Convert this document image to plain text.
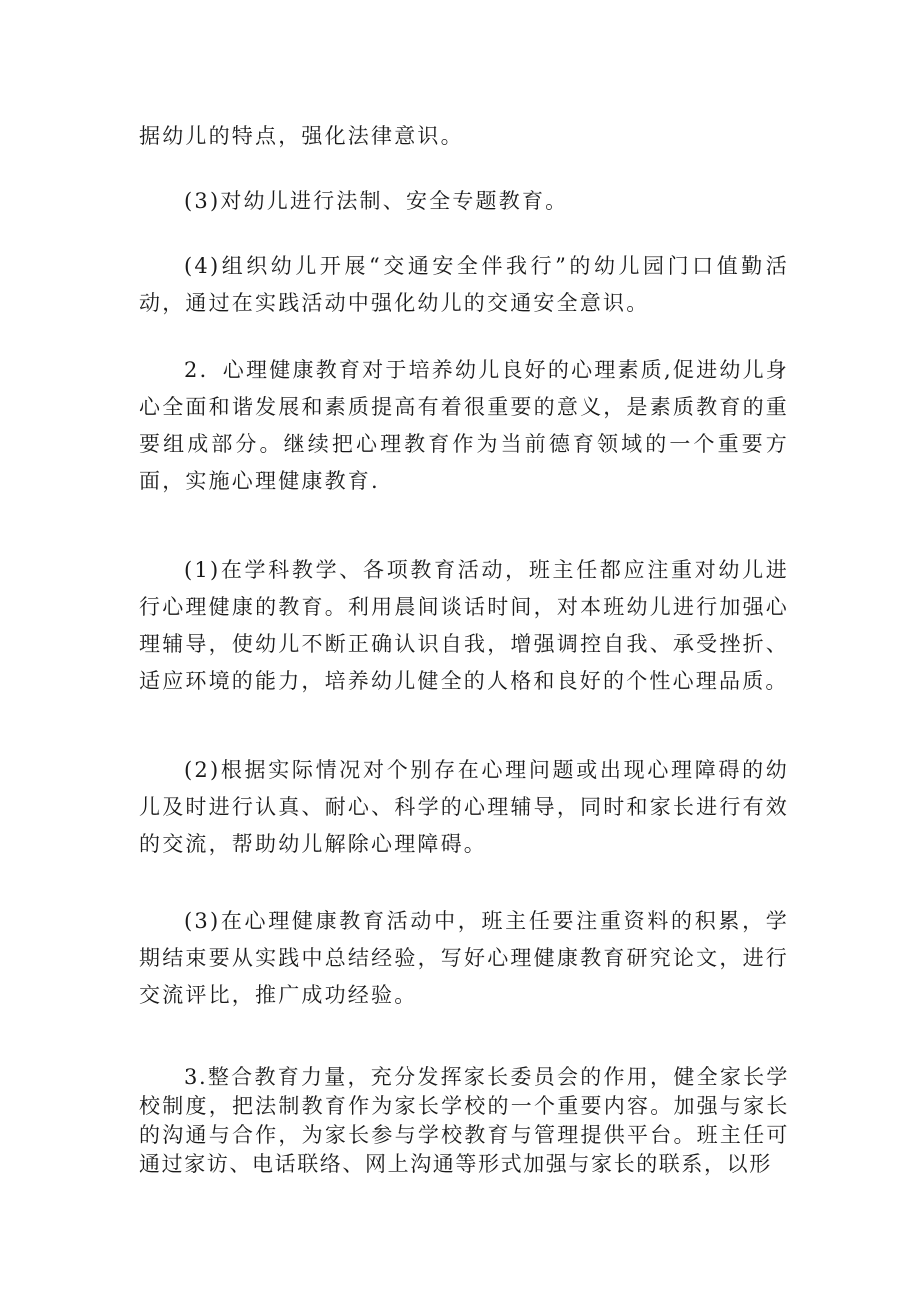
据幼儿的特点，强化法律意识。

(3)对幼儿进行法制、安全专题教育。

(4)组织幼儿开展“交通安全伴我行”的幼儿园门口值勤活动，通过在实践活动中强化幼儿的交通安全意识。

2．心理健康教育对于培养幼儿良好的心理素质,促进幼儿身心全面和谐发展和素质提高有着很重要的意义，是素质教育的重要组成部分。继续把心理教育作为当前德育领域的一个重要方面，实施心理健康教育.

(1)在学科教学、各项教育活动，班主任都应注重对幼儿进行心理健康的教育。利用晨间谈话时间，对本班幼儿进行加强心理辅导，使幼儿不断正确认识自我，增强调控自我、承受挫折、适应环境的能力，培养幼儿健全的人格和良好的个性心理品质。

(2)根据实际情况对个别存在心理问题或出现心理障碍的幼儿及时进行认真、耐心、科学的心理辅导，同时和家长进行有效的交流，帮助幼儿解除心理障碍。

(3)在心理健康教育活动中，班主任要注重资料的积累，学期结束要从实践中总结经验，写好心理健康教育研究论文，进行交流评比，推广成功经验。

3.整合教育力量，充分发挥家长委员会的作用，健全家长学校制度，把法制教育作为家长学校的一个重要内容。加强与家长的沟通与合作，为家长参与学校教育与管理提供平台。班主任可通过家访、电话联络、网上沟通等形式加强与家长的联系，以形
